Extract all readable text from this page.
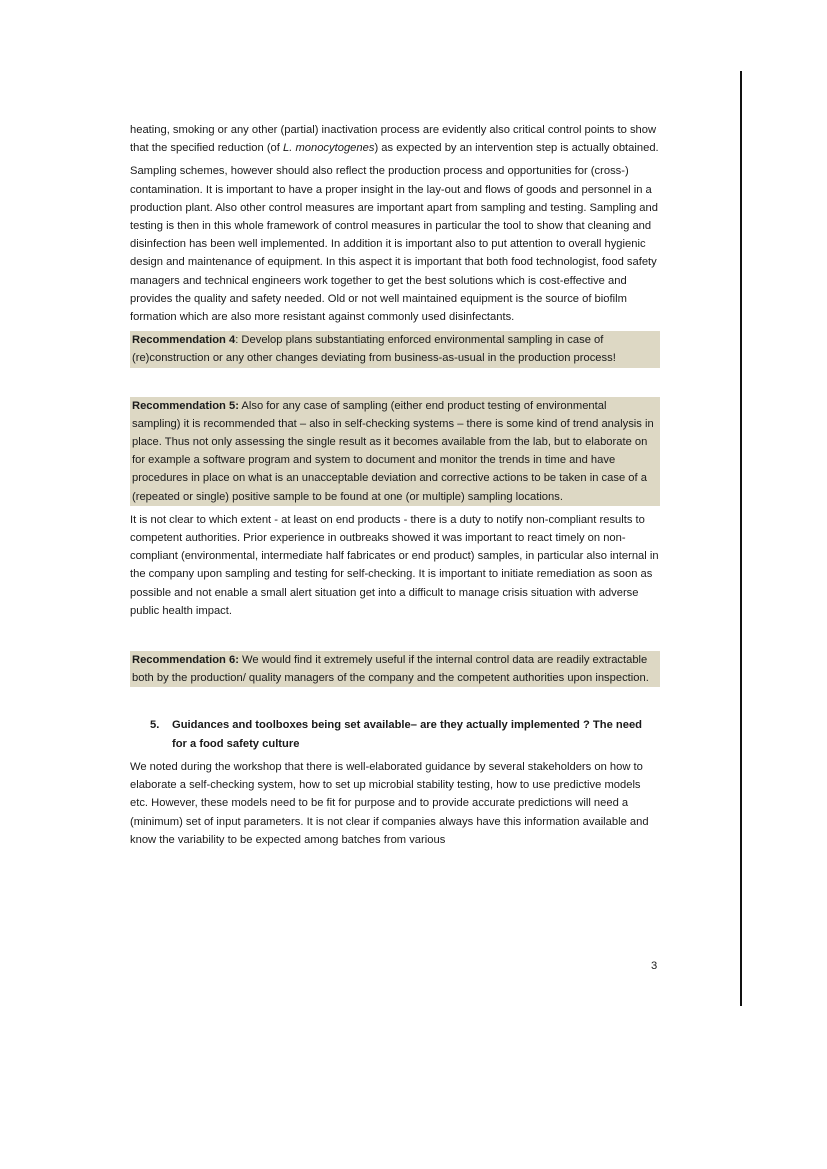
heating, smoking or any other (partial) inactivation process are evidently also critical control points to show that the specified reduction (of L. monocytogenes) as expected by an intervention step is actually obtained.

Sampling schemes, however should also reflect the production process and opportunities for (cross-) contamination. It is important to have a proper insight in the lay-out and flows of goods and personnel in a production plant. Also other control measures are important apart from sampling and testing. Sampling and testing is then in this whole framework of control measures in particular the tool to show that cleaning and disinfection has been well implemented. In addition it is important also to put attention to overall hygienic design and maintenance of equipment. In this aspect it is important that both food technologist, food safety managers and technical engineers work together to get the best solutions which is cost-effective and provides the quality and safety needed. Old or not well maintained equipment is the source of biofilm formation which are also more resistant against commonly used disinfectants.

Recommendation 4: Develop plans substantiating enforced environmental sampling in case of (re)construction or any other changes deviating from business-as-usual in the production process!
Recommendation 5: Also for any case of sampling (either end product testing of environmental sampling) it is recommended that – also in self-checking systems – there is some kind of trend analysis in place. Thus not only assessing the single result as it becomes available from the lab, but to elaborate on for example a software program and system to document and monitor the trends in time and have procedures in place on what is an unacceptable deviation and corrective actions to be taken in case of a (repeated or single) positive sample to be found at one (or multiple) sampling locations.

It is not clear to which extent - at least on end products - there is a duty to notify non-compliant results to competent authorities. Prior experience in outbreaks showed it was important to react timely on non-compliant (environmental, intermediate half fabricates or end product) samples, in particular also internal in the company upon sampling and testing for self-checking. It is important to initiate remediation as soon as possible and not enable a small alert situation get into a difficult to manage crisis situation with adverse public health impact.

Recommendation 6: We would find it extremely useful if the internal control data are readily extractable both by the production/ quality managers of the company and the competent authorities upon inspection.
5.	Guidances and toolboxes being set available– are they actually implemented ? The need for a food safety culture

We noted during the workshop that there is well-elaborated guidance by several stakeholders on how to elaborate a self-checking system, how to set up microbial stability testing, how to use predictive models etc. However, these models need to be fit for purpose and to provide accurate predictions will need a (minimum) set of input parameters. It is not clear if companies always have this information available and know the variability to be expected among batches from various

3
